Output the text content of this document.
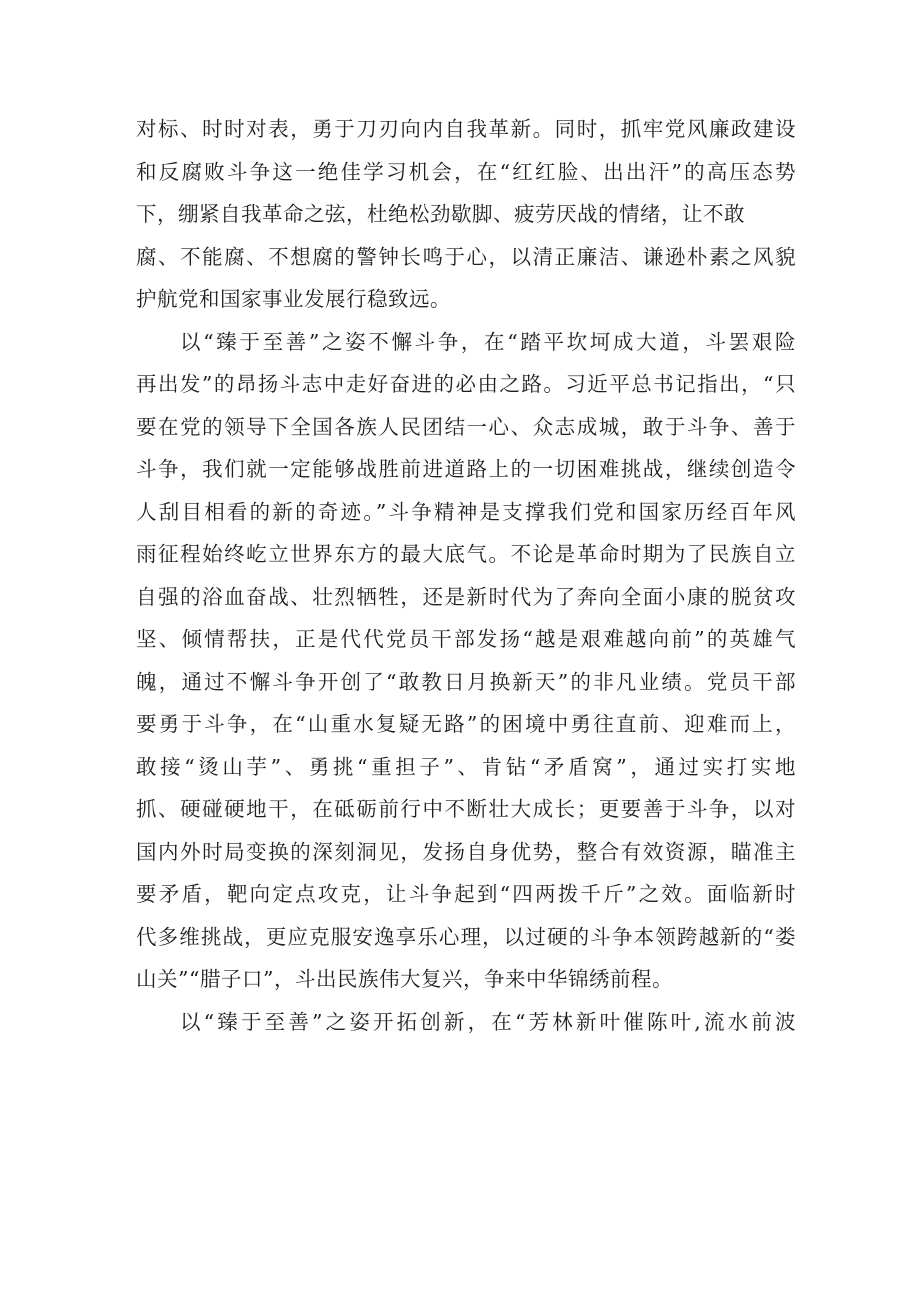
对标、时时对表，勇于刀刃向内自我革新。同时，抓牢党风廉政建设
和反腐败斗争这一绝佳学习机会，在“红红脸、出出汗”的高压态势
下，绷紧自我革命之弦，杜绝松劲歇脚、疲劳厌战的情绪，让不敢
腐、不能腐、不想腐的警钟长鸣于心，以清正廉洁、谦逊朴素之风貌
护航党和国家事业发展行稳致远。
以“臻于至善”之姿不懈斗争，在“踏平坎坷成大道，斗罢艰险
再出发”的昂扬斗志中走好奋进的必由之路。习近平总书记指出，“只
要在党的领导下全国各族人民团结一心、众志成城，敢于斗争、善于
斗争，我们就一定能够战胜前进道路上的一切困难挑战，继续创造令
人刮目相看的新的奇迹。”斗争精神是支撑我们党和国家历经百年风
雨征程始终屹立世界东方的最大底气。不论是革命时期为了民族自立
自强的浴血奋战、壮烈牺牲，还是新时代为了奔向全面小康的脱贫攻
坚、倾情帮扶，正是代代党员干部发扬“越是艰难越向前”的英雄气
魄，通过不懈斗争开创了“敢教日月换新天”的非凡业绩。党员干部
要勇于斗争，在“山重水复疑无路”的困境中勇往直前、迎难而上，
敢接“烫山芋”、勇挑“重担子”、肯钻“矛盾窝”，通过实打实地
抓、硬碰硬地干，在砥砺前行中不断壮大成长；更要善于斗争，以对
国内外时局变换的深刻洞见，发扬自身优势，整合有效资源，瞄准主
要矛盾，靶向定点攻克，让斗争起到“四两拨千斤”之效。面临新时
代多维挑战，更应克服安逸享乐心理，以过硬的斗争本领跨越新的“娄
山关”“腊子口”，斗出民族伟大复兴，争来中华锦绣前程。
以“臻于至善”之姿开拓创新，在“芳林新叶催陈叶,流水前波
